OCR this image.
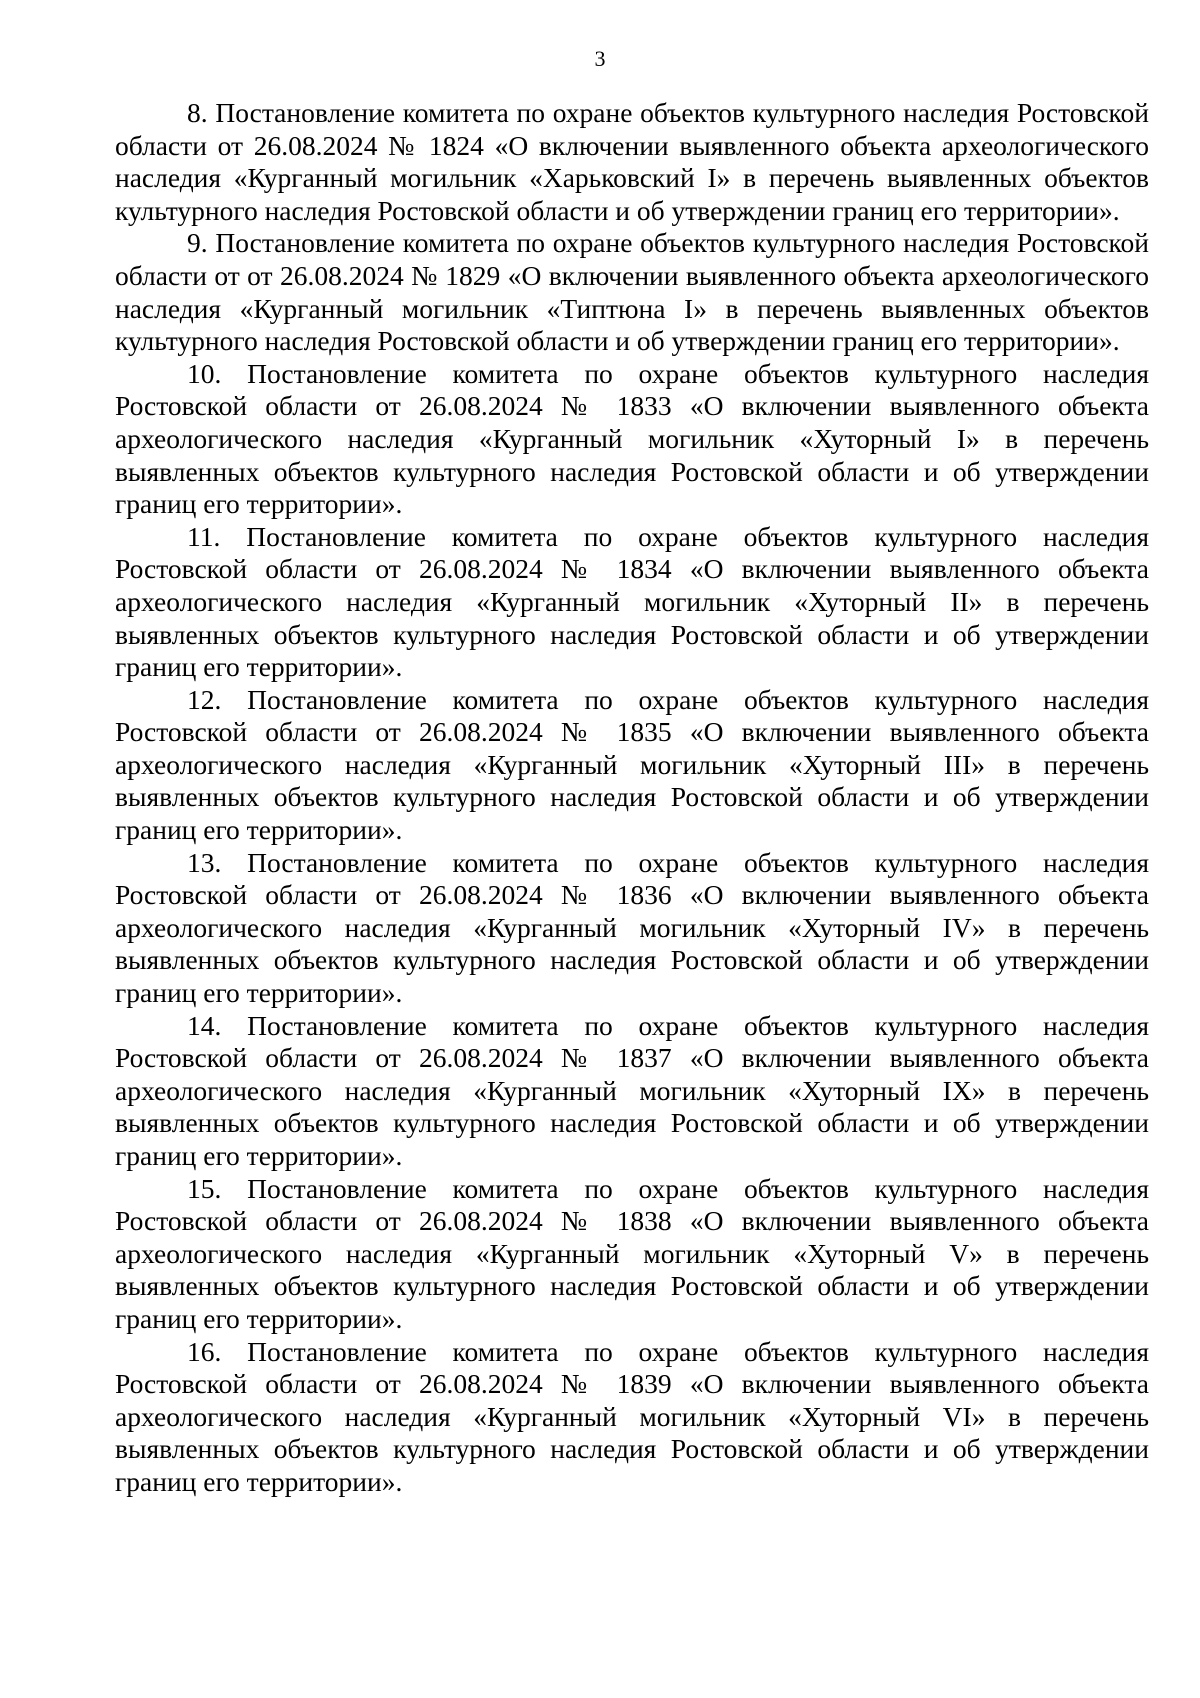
3

8. Постановление комитета по охране объектов культурного наследия Ростовской области от 26.08.2024 № 1824 «О включении выявленного объекта археологического наследия «Курганный могильник «Харьковский I» в перечень выявленных объектов культурного наследия Ростовской области и об утверждении границ его территории».

9. Постановление комитета по охране объектов культурного наследия Ростовской области от от 26.08.2024 № 1829 «О включении выявленного объекта археологического наследия «Курганный могильник «Типтюна I» в перечень выявленных объектов культурного наследия Ростовской области и об утверждении границ его территории».

10. Постановление комитета по охране объектов культурного наследия Ростовской области от 26.08.2024 № 1833 «О включении выявленного объекта археологического наследия «Курганный могильник «Хуторный I» в перечень выявленных объектов культурного наследия Ростовской области и об утверждении границ его территории».

11. Постановление комитета по охране объектов культурного наследия Ростовской области от 26.08.2024 № 1834 «О включении выявленного объекта археологического наследия «Курганный могильник «Хуторный II» в перечень выявленных объектов культурного наследия Ростовской области и об утверждении границ его территории».

12. Постановление комитета по охране объектов культурного наследия Ростовской области от 26.08.2024 № 1835 «О включении выявленного объекта археологического наследия «Курганный могильник «Хуторный III» в перечень выявленных объектов культурного наследия Ростовской области и об утверждении границ его территории».

13. Постановление комитета по охране объектов культурного наследия Ростовской области от 26.08.2024 № 1836 «О включении выявленного объекта археологического наследия «Курганный могильник «Хуторный IV» в перечень выявленных объектов культурного наследия Ростовской области и об утверждении границ его территории».

14. Постановление комитета по охране объектов культурного наследия Ростовской области от 26.08.2024 № 1837 «О включении выявленного объекта археологического наследия «Курганный могильник «Хуторный IX» в перечень выявленных объектов культурного наследия Ростовской области и об утверждении границ его территории».

15. Постановление комитета по охране объектов культурного наследия Ростовской области от 26.08.2024 № 1838 «О включении выявленного объекта археологического наследия «Курганный могильник «Хуторный V» в перечень выявленных объектов культурного наследия Ростовской области и об утверждении границ его территории».

16. Постановление комитета по охране объектов культурного наследия Ростовской области от 26.08.2024 № 1839 «О включении выявленного объекта археологического наследия «Курганный могильник «Хуторный VI» в перечень выявленных объектов культурного наследия Ростовской области и об утверждении границ его территории».
